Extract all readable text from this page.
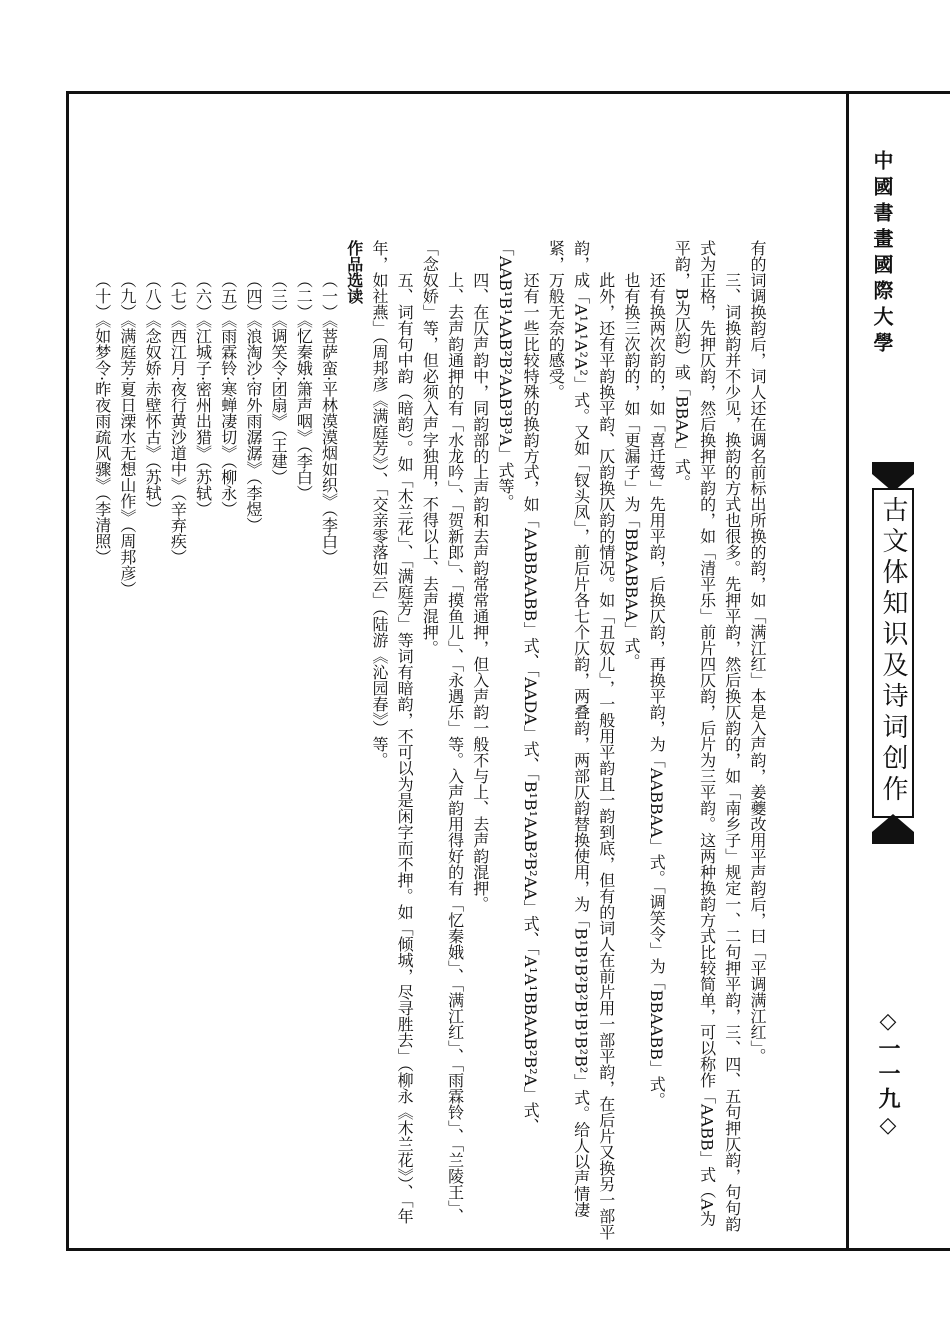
中國書畫國際大學
古文体知识及诗词创作
◇一一九◇

有的词调换韵后，词人还在调名前标出所换的韵，如「满江红」本是入声韵，姜夔改用平声韵后，曰「平调满江红」。

三、词换韵并不少见，换韵的方式也很多。先押平韵，然后换仄韵的，如「南乡子」规定一、二句押平韵，三、四、五句押仄韵，句句韵式为正格，先押仄韵，然后换押平韵的，如「清平乐」前片四仄韵，后片为三平韵。这两种换韵方式比较简单，可以称作「AABB」式（A为平韵，B为仄韵）或「BBAA」式。

还有换两次韵的，如「喜迁莺」先用平韵，后换仄韵，再换平韵，为「AABBAA」式。「调笑令」为「BBAABB」式。

也有换三次韵的，如「更漏子」为「BBAABBAA」式。

此外，还有平韵换平韵、仄韵换仄韵的情况。如「丑奴儿」，一般用平韵且一韵到底，但有的词人在前片用一部平韵，在后片又换另一部平韵，成「A¹A¹A²A²」式。又如「钗头凤」，前后片各七个仄韵，两叠韵，两部仄韵替换使用，为「B¹B¹B²B²B¹B¹B²B²」式。给人以声情凄紧，万般无奈的感受。

还有一些比较特殊的换韵方式，如「AABBAABB」式、「AADA」式、「B¹B¹AAB²B²AA」式、「A¹A¹BBAAB²B²A」式、「AAB¹B¹AAB²B²AAB³B³A」式等。

四、在仄声韵中，同韵部的上声韵和去声韵常常通押，但入声韵一般不与上、去声韵混押。

上、去声韵通押的有「水龙吟」、「贺新郎」、「摸鱼儿」、「永遇乐」等。入声韵用得好的有「忆秦娥」、「满江红」、「雨霖铃」、「兰陵王」、「念奴娇」等，但必须入声字独用，不得以上、去声混押。

五、词有句中韵（暗韵）。如「木兰花」、「满庭芳」等词有暗韵，不可以为是闲字而不押。如「倾城，尽寻胜去」（柳永《木兰花》）、「年年，如社燕」（周邦彦《满庭芳》）、「交亲零落如云」（陆游《沁园春》）等。

作品选读

（一）《菩萨蛮·平林漠漠烟如织》（李白）
（二）《忆秦娥·箫声咽》（李白）
（三）《调笑令·团扇》（王建）
（四）《浪淘沙·帘外雨潺潺》（李煜）
（五）《雨霖铃·寒蝉凄切》（柳永）
（六）《江城子·密州出猎》（苏轼）
（七）《西江月·夜行黄沙道中》（辛弃疾）
（八）《念奴娇·赤壁怀古》（苏轼）
（九）《满庭芳·夏日溧水无想山作》（周邦彦）
（十）《如梦令·昨夜雨疏风骤》（李清照）
